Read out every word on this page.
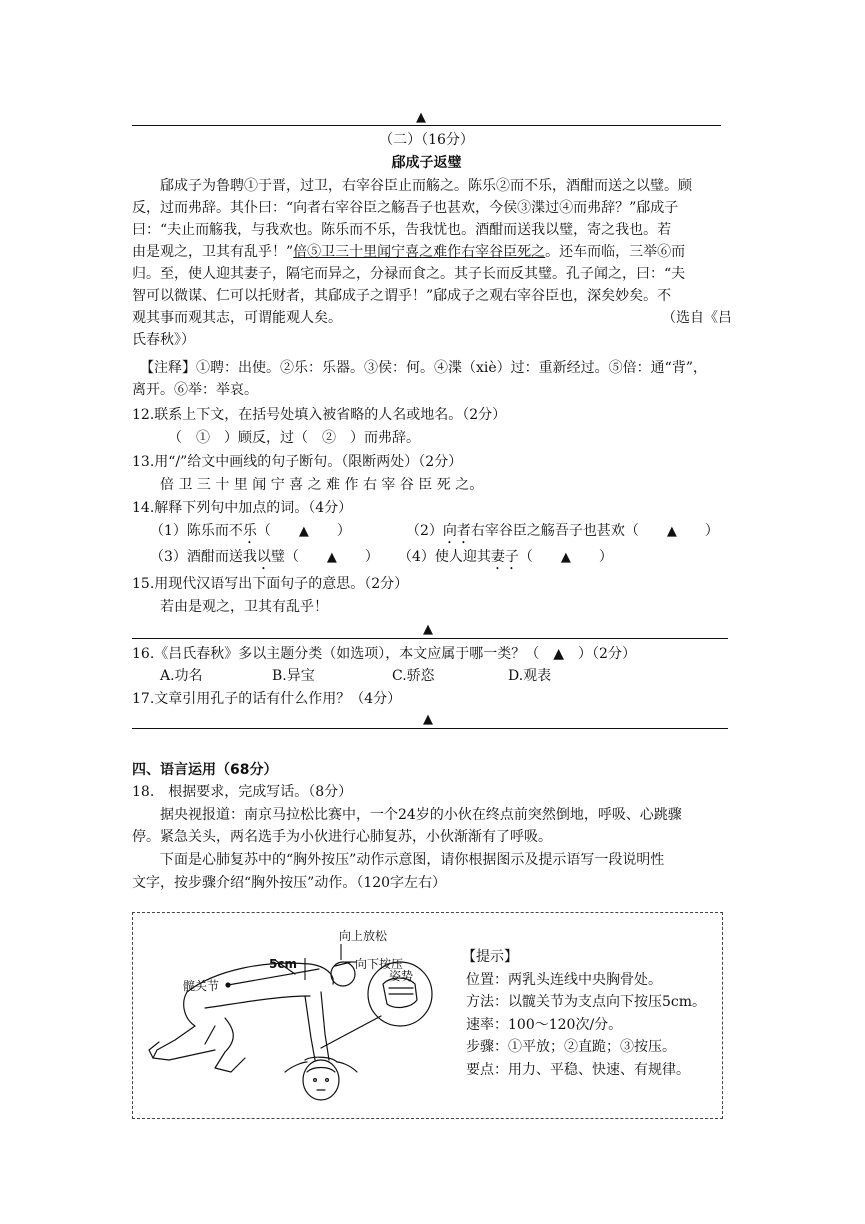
▲
（二）（16分）
郈成子返璧
郈成子为鲁聘①于晋，过卫，右宰谷臣止而觞之。陈乐②而不乐，酒酣而送之以璧。顾
反，过而弗辞。其仆曰：“向者右宰谷臣之觞吾子也甚欢，今侯③渫过④而弗辞？”郈成子
曰：“夫止而觞我，与我欢也。陈乐而不乐，告我忧也。酒酣而送我以璧，寄之我也。若
由是观之，卫其有乱乎！”倍⑤卫三十里闻宁喜之难作右宰谷臣死之。还车而临，三举⑥而
归。至，使人迎其妻子，隔宅而异之，分禄而食之。其子长而反其璧。孔子闻之，曰：“夫
智可以微谋、仁可以托财者，其郈成子之谓乎！”郈成子之观右宰谷臣也，深矣妙矣。不
观其事而观其志，可谓能观人矣。	（选自《吕
氏春秋》）
【注释】①聘：出使。②乐：乐器。③侯：何。④渫（xiè）过：重新经过。⑤倍：通“背”，
离开。⑥举：举哀。
12.联系上下文，在括号处填入被省略的人名或地名。（2分）
（　①　）顾反，过（　②　）而弗辞。
13.用“/”给文中画线的句子断句。（限断两处）（2分）
倍 卫 三 十 里 闻 宁 喜 之 难 作 右 宰 谷 臣 死 之。
14.解释下列句中加点的词。（4分）
（1）陈乐而不乐（　　▲　　）	（2）向者右宰谷臣之觞吾子也甚欢（　　▲　　）
（3）酒酣而送我以璧（　　▲　　） （4）使人迎其妻子（　　▲　　）
15.用现代汉语写出下面句子的意思。（2分）
若由是观之，卫其有乱乎！
▲
16.《吕氏春秋》多以主题分类（如选项），本文应属于哪一类？（　▲　）（2分）
A.功名	B.异宝	C.骄恣	D.观表
17.文章引用孔子的话有什么作用？（4分）
▲
四、语言运用（68分）
18.　根据要求，完成写话。（8分）
据央视报道：南京马拉松比赛中，一个24岁的小伙在终点前突然倒地，呼吸、心跳骤
停。紧急关头，两名选手为小伙进行心肺复苏，小伙渐渐有了呼吸。
下面是心肺复苏中的“胸外按压”动作示意图，请你根据图示及提示语写一段说明性
文字，按步骤介绍“胸外按压”动作。（120字左右）
向上放松
向下按压
5cm
髋关节
姿势
【提示】
位置：两乳头连线中央胸骨处。
方法：以髋关节为支点向下按压5cm。
速率：100～120次/分。
步骤：①平放；②直跪；③按压。
要点：用力、平稳、快速、有规律。
